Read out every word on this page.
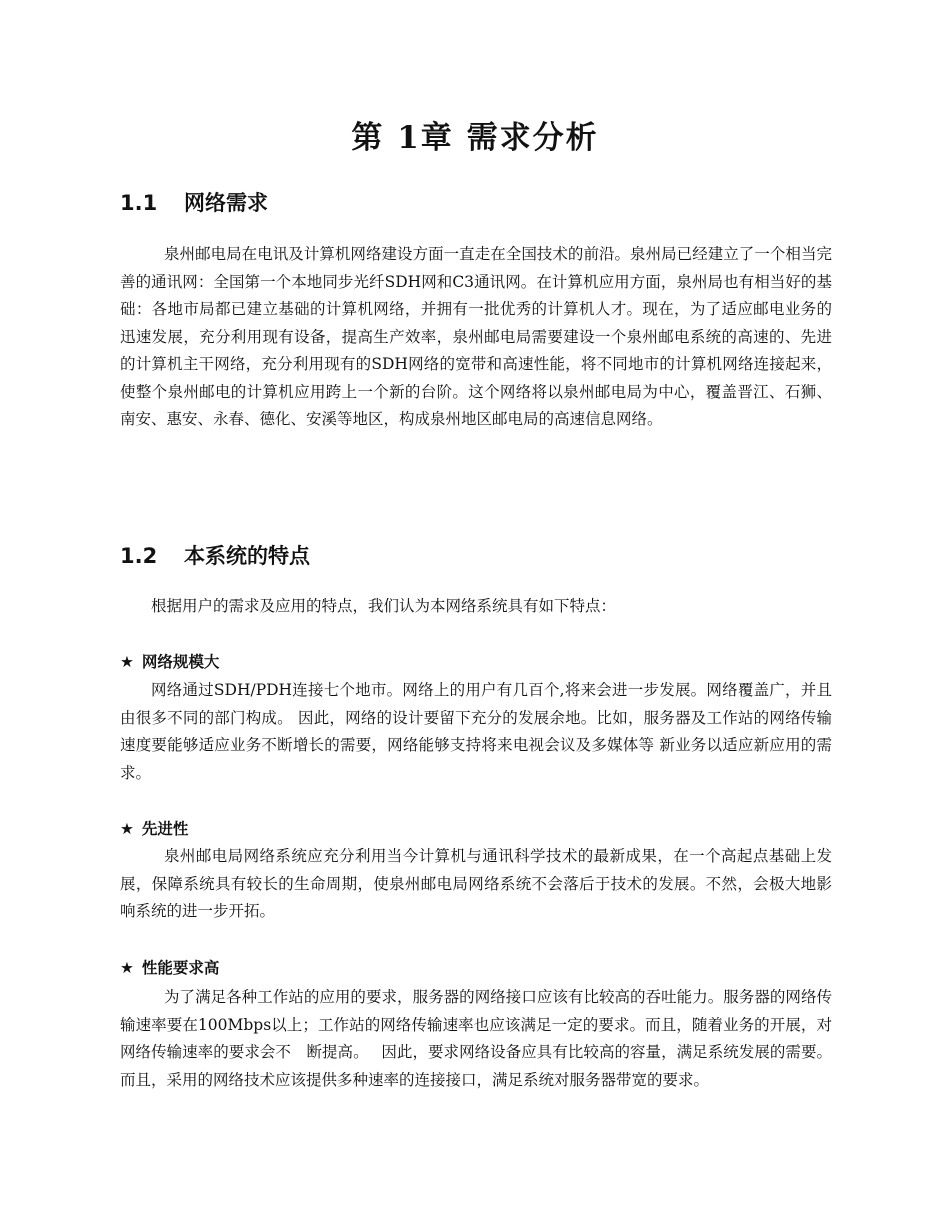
第 1章 需求分析
1.1 网络需求

泉州邮电局在电讯及计算机网络建设方面一直走在全国技术的前沿。泉州局已经建立了一个相当完善的通讯网：全国第一个本地同步光纤SDH网和C3通讯网。在计算机应用方面，泉州局也有相当好的基础：各地市局都已建立基础的计算机网络，并拥有一批优秀的计算机人才。现在，为了适应邮电业务的迅速发展，充分利用现有设备，提高生产效率，泉州邮电局需要建设一个泉州邮电系统的高速的、先进的计算机主干网络，充分利用现有的SDH网络的宽带和高速性能，将不同地市的计算机网络连接起来，使整个泉州邮电的计算机应用跨上一个新的台阶。这个网络将以泉州邮电局为中心，覆盖晋江、石狮、南安、惠安、永春、德化、安溪等地区，构成泉州地区邮电局的高速信息网络。

1.2 本系统的特点

根据用户的需求及应用的特点，我们认为本网络系统具有如下特点：

★ 网络规模大

网络通过SDH/PDH连接七个地市。网络上的用户有几百个,将来会进一步发展。网络覆盖广，并且由很多不同的部门构成。 因此，网络的设计要留下充分的发展余地。比如，服务器及工作站的网络传输　　速度要能够适应业务不断增长的需要，网络能够支持将来电视会议及多媒体等 新业务以适应新应用的需求。

★ 先进性

泉州邮电局网络系统应充分利用当今计算机与通讯科学技术的最新成果，在一个高起点基础上发展，保障系统具有较长的生命周期，使泉州邮电局网络系统不会落后于技术的发展。不然，会极大地影响系统的进一步开拓。

★ 性能要求高

为了满足各种工作站的应用的要求，服务器的网络接口应该有比较高的吞吐能力。服务器的网络传输速率要在100Mbps以上；工作站的网络传输速率也应该满足一定的要求。而且，随着业务的开展，对网络传输速率的要求会不　断提高。　 因此，要求网络设备应具有比较高的容量，满足系统发展的需要。而且，采用的网络技术应该提供多种速率的连接接口，满足系统对服务器带宽的要求。
